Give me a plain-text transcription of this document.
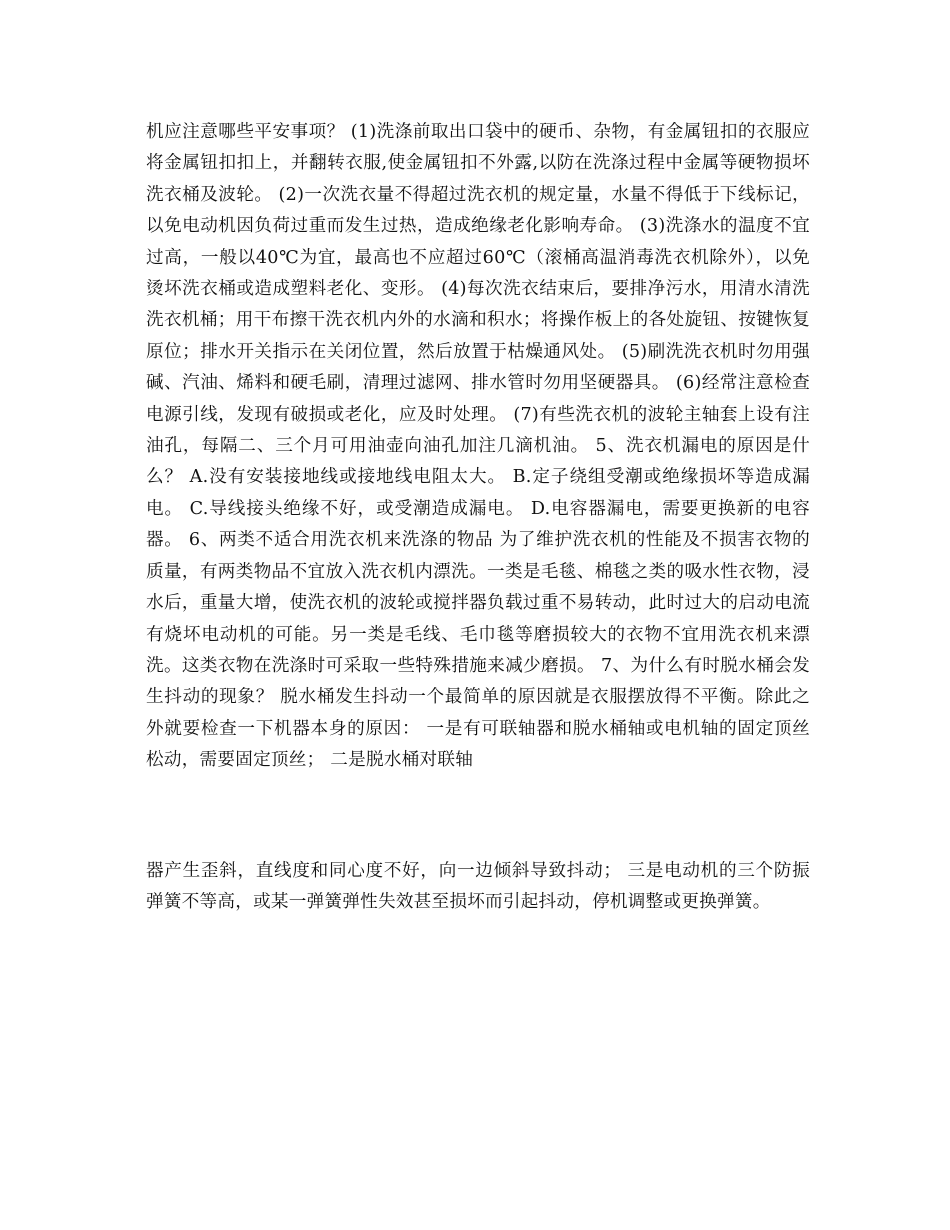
机应注意哪些平安事项？ (1)洗涤前取出口袋中的硬币、杂物，有金属钮扣的衣服应将金属钮扣扣上，并翻转衣服,使金属钮扣不外露,以防在洗涤过程中金属等硬物损坏洗衣桶及波轮。 (2)一次洗衣量不得超过洗衣机的规定量，水量不得低于下线标记，以免电动机因负荷过重而发生过热，造成绝缘老化影响寿命。 (3)洗涤水的温度不宜过高，一般以40℃为宜，最高也不应超过60℃（滚桶高温消毒洗衣机除外），以免烫坏洗衣桶或造成塑料老化、变形。 (4)每次洗衣结束后，要排净污水，用清水清洗洗衣机桶；用干布擦干洗衣机内外的水滴和积水；将操作板上的各处旋钮、按键恢复原位；排水开关指示在关闭位置，然后放置于枯燥通风处。 (5)刷洗洗衣机时勿用强碱、汽油、烯料和硬毛刷，清理过滤网、排水管时勿用坚硬器具。 (6)经常注意检查电源引线，发现有破损或老化，应及时处理。 (7)有些洗衣机的波轮主轴套上设有注油孔，每隔二、三个月可用油壶向油孔加注几滴机油。 5、洗衣机漏电的原因是什么？ A.没有安装接地线或接地线电阻太大。 B.定子绕组受潮或绝缘损坏等造成漏电。 C.导线接头绝缘不好，或受潮造成漏电。 D.电容器漏电，需要更换新的电容器。 6、两类不适合用洗衣机来洗涤的物品 为了维护洗衣机的性能及不损害衣物的质量，有两类物品不宜放入洗衣机内漂洗。一类是毛毯、棉毯之类的吸水性衣物，浸水后，重量大增，使洗衣机的波轮或搅拌器负载过重不易转动，此时过大的启动电流有烧坏电动机的可能。另一类是毛线、毛巾毯等磨损较大的衣物不宜用洗衣机来漂洗。这类衣物在洗涤时可采取一些特殊措施来减少磨损。 7、为什么有时脱水桶会发生抖动的现象？ 脱水桶发生抖动一个最简单的原因就是衣服摆放得不平衡。除此之外就要检查一下机器本身的原因： 一是有可联轴器和脱水桶轴或电机轴的固定顶丝松动，需要固定顶丝； 二是脱水桶对联轴

器产生歪斜，直线度和同心度不好，向一边倾斜导致抖动； 三是电动机的三个防振弹簧不等高，或某一弹簧弹性失效甚至损坏而引起抖动，停机调整或更换弹簧。
